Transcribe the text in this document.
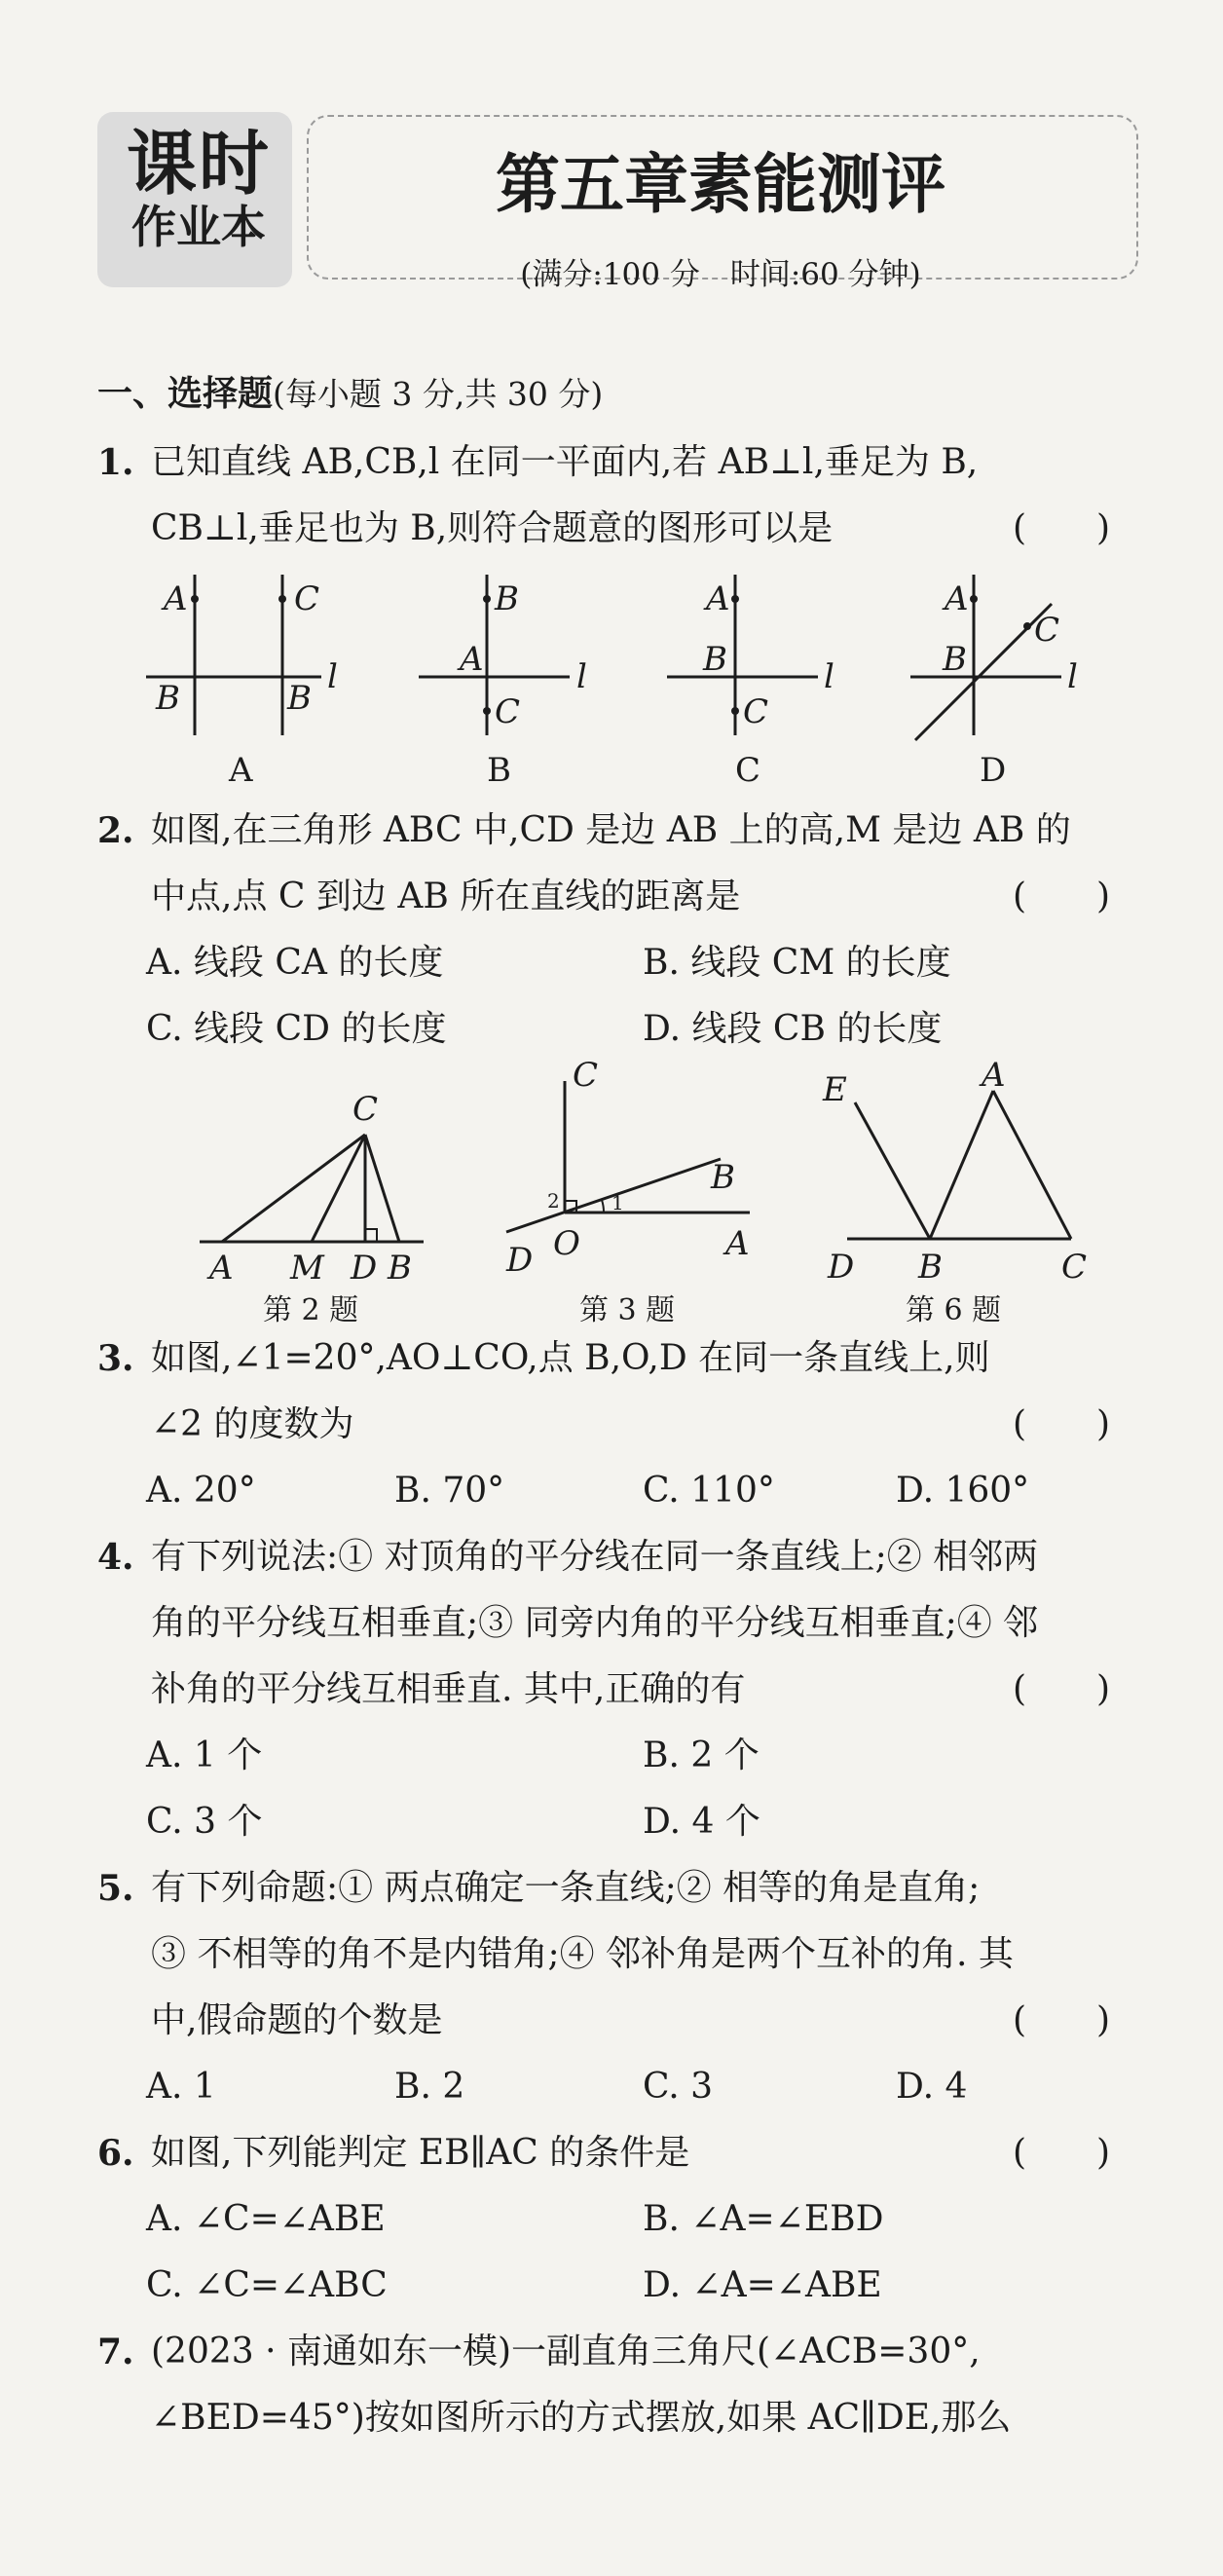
课时
作业本
第五章素能测评
(满分:100 分　时间:60 分钟)
一、选择题(每小题 3 分,共 30 分)
1. 已知直线 AB,CB,l 在同一平面内,若 AB⊥l,垂足为 B,
CB⊥l,垂足也为 B,则符合题意的图形可以是	(　　)
A	C
B	B
l
B
A
C
l
A
B
C
l
A
C
B	l
A	B	C	D
2. 如图,在三角形 ABC 中,CD 是边 AB 上的高,M 是边 AB 的
中点,点 C 到边 AB 所在直线的距离是	(　　)
A. 线段 CA 的长度	B. 线段 CM 的长度
C. 线段 CD 的长度	D. 线段 CB 的长度
C
A M D B
第 2 题
C
B
D O	A
1
2
第 3 题
E	A
D B	C
第 6 题
3. 如图,∠1=20°,AO⊥CO,点 B,O,D 在同一条直线上,则
∠2 的度数为	(　　)
A. 20°	B. 70°	C. 110°	D. 160°
4. 有下列说法:① 对顶角的平分线在同一条直线上;② 相邻两
角的平分线互相垂直;③ 同旁内角的平分线互相垂直;④ 邻
补角的平分线互相垂直. 其中,正确的有	(　　)
A. 1 个	B. 2 个
C. 3 个	D. 4 个
5. 有下列命题:① 两点确定一条直线;② 相等的角是直角;
③ 不相等的角不是内错角;④ 邻补角是两个互补的角. 其
中,假命题的个数是	(　　)
A. 1	B. 2	C. 3	D. 4
6. 如图,下列能判定 EB∥AC 的条件是	(　　)
A. ∠C=∠ABE	B. ∠A=∠EBD
C. ∠C=∠ABC	D. ∠A=∠ABE
7. (2023 · 南通如东一模)一副直角三角尺(∠ACB=30°,
∠BED=45°)按如图所示的方式摆放,如果 AC∥DE,那么
